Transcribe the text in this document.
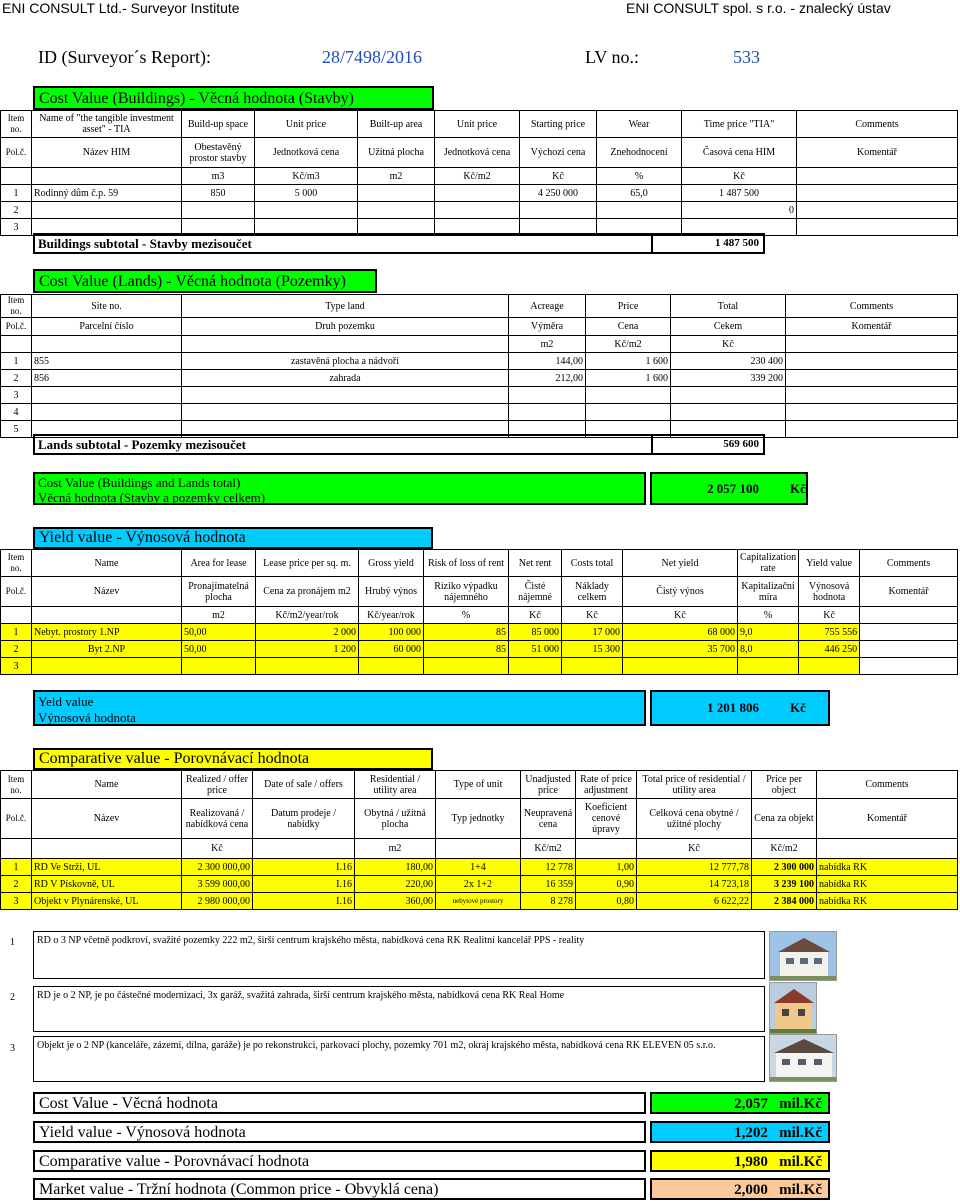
ENI CONSULT Ltd.- Surveyor Institute	ENI CONSULT spol. s r.o. - znalecký ústav
ID (Surveyor´s Report):	28/7498/2016	LV no.:	533
Cost Value (Buildings) - Věcná hodnota (Stavby)
Item no.	Name of "the tangible investment asset" - TIA	Build-up space	Unit price	Built-up area	Unit price	Starting price	Wear	Time price "TIA"	Comments
Pol.č.	Název HIM	Obestavěný prostor stavby	Jednotková cena	Užitná plocha	Jednotková cena	Výchozí cena	Znehodnocení	Časová cena HIM	Komentář
		m3	Kč/m3	m2	Kč/m2	Kč	%	Kč	
1	Rodinný dům č.p. 59	850	5 000			4 250 000	65,0	1 487 500	
2								0	
3									
Buildings subtotal - Stavby mezisoučet	1 487 500
Cost Value (Lands) - Věcná hodnota (Pozemky)
Item no.	Site no.	Type land	Acreage	Price	Total	Comments
Pol.č.	Parcelní číslo	Druh pozemku	Výměra	Cena	Cekem	Komentář
			m2	Kč/m2	Kč	
1	855	zastavěná plocha a nádvoří	144,00	1 600	230 400	
2	856	zahrada	212,00	1 600	339 200	
3						
4						
5						
Lands subtotal - Pozemky mezisoučet	569 600
Cost Value (Buildings and Lands total)
Věcná hodnota (Stavby a pozemky celkem)
2 057 100 Kč
Yield value - Výnosová hodnota
Item no.	Name	Area for lease	Lease price per sq. m.	Gross yield	Risk of loss of rent	Net rent	Costs total	Net yield	Capitalization rate	Yield value	Comments
Pol.č.	Název	Pronajímatelná plocha	Cena za pronájem m2	Hrubý výnos	Riziko výpadku nájemného	Čisté nájemné	Náklady celkem	Čistý výnos	Kapitalizační míra	Výnosová hodnota	Komentář
		m2	Kč/m2/year/rok	Kč/year/rok	%	Kč	Kč	Kč	%	Kč	
1	Nebyt. prostory 1.NP	50,00	2 000	100 000	85	85 000	17 000	68 000	9,0	755 556	
2	Byt 2.NP	50,00	1 200	60 000	85	51 000	15 300	35 700	8,0	446 250	
3											
Yeld value
Výnosová hodnota
1 201 806 Kč
Comparative value - Porovnávací hodnota
Item no.	Name	Realized / offer price	Date of sale / offers	Residential / utility area	Type of unit	Unadjusted price	Rate of price adjustment	Total price of residential / utility area	Price per object	Comments
Pol.č.	Název	Realizovaná / nabídková cena	Datum prodeje / nabídky	Obytná / užitná plocha	Typ jednotky	Neupravená cena	Koeficient cenové úpravy	Celková cena obytné / užitné plochy	Cena za objekt	Komentář
		Kč		m2		Kč/m2		Kč	Kč/m2	
1	RD Ve Strži, UL	2 300 000,00	I.16	180,00	1+4	12 778	1,00	12 777,78	2 300 000	nabídka RK
2	RD V Pískovně, UL	3 599 000,00	I.16	220,00	2x 1+2	16 359	0,90	14 723,18	3 239 100	nabídka RK
3	Objekt v Plynárenské, UL	2 980 000,00	I.16	360,00	nebytové prostory	8 278	0,80	6 622,22	2 384 000	nabídka RK
1	RD o 3 NP včetně podkroví, svažité pozemky 222 m2, širší centrum krajského města, nabídková cena RK Realitní kancelář PPS - reality
2	RD je o 2 NP, je po částečné modernizaci, 3x garáž, svažitá zahrada, širší centrum krajského města, nabídková cena RK Real Home
3	Objekt je o 2 NP (kanceláře, zázemí, dílna, garáže) je po rekonstrukci, parkovací plochy, pozemky 701 m2, okraj krajského města, nabídková cena RK ELEVEN 05 s.r.o.
Cost Value - Věcná hodnota	2,057 mil.Kč
Yield value - Výnosová hodnota	1,202 mil.Kč
Comparative value - Porovnávací hodnota	1,980 mil.Kč
Market value - Tržní hodnota (Common price - Obvyklá cena)	2,000 mil.Kč
